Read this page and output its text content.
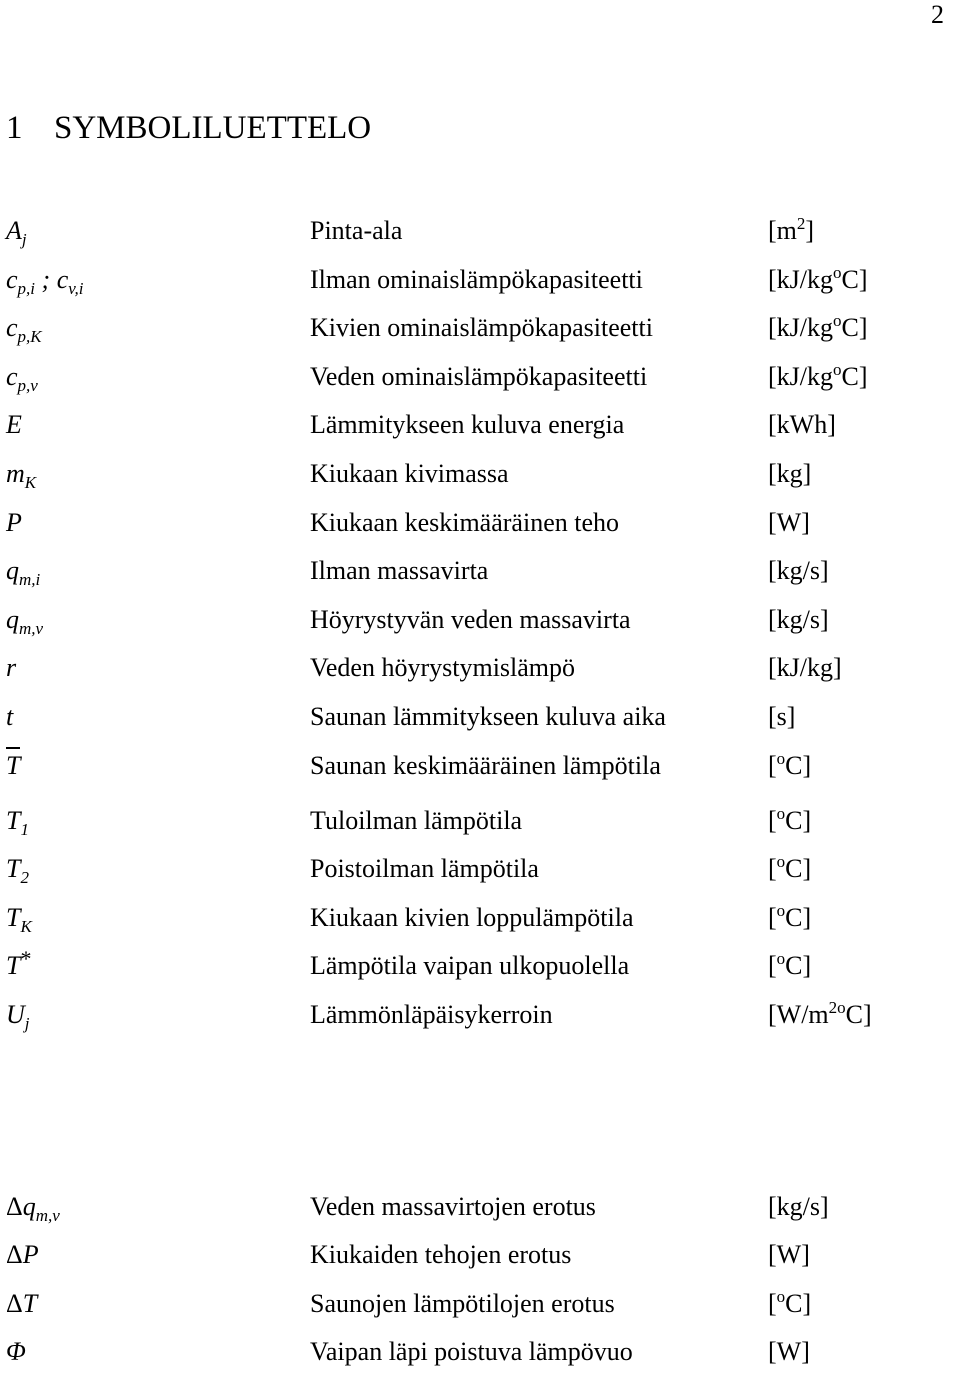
2
1 SYMBOLILUETTELO
$A_j$	Pinta-ala	$[m^2]$
$c_{p,i}$ ; $c_{v,i}$	Ilman ominaislämpökapasiteetti	$[kJ/kg^oC]$
$c_{p,K}$	Kivien ominaislämpökapasiteetti	$[kJ/kg^oC]$
$c_{p,v}$	Veden ominaislämpökapasiteetti	$[kJ/kg^oC]$
E	Lämmitykseen kuluva energia	[kWh]
$m_K$	Kiukaan kivimassa	[kg]
P	Kiukaan keskimääräinen teho	[W]
$q_{m,i}$	Ilman massavirta	[kg/s]
$q_{m,v}$	Höyrystyvän veden massavirta	[kg/s]
r	Veden höyrystymislämpö	[kJ/kg]
t	Saunan lämmitykseen kuluva aika	[s]
T	Saunan keskimääräinen lämpötila	[$^o$C]
$T_1$	Tuloilman lämpötila	[$^o$C]
$T_2$	Poistoilman lämpötila	[$^o$C]
$T_K$	Kiukaan kivien loppulämpötila	[$^o$C]
T*	Lämpötila vaipan ulkopuolella	[$^o$C]
$U_j$	Lämmönläpäisykerroin	$[W/m^{2o}C]$
$\Delta q_{m,v}$	Veden massavirtojen erotus	[kg/s]
ΔP	Kiukaiden tehojen erotus	[W]
ΔT	Saunojen lämpötilojen erotus	[$^o$C]
Φ	Vaipan läpi poistuva lämpövuo	[W]
